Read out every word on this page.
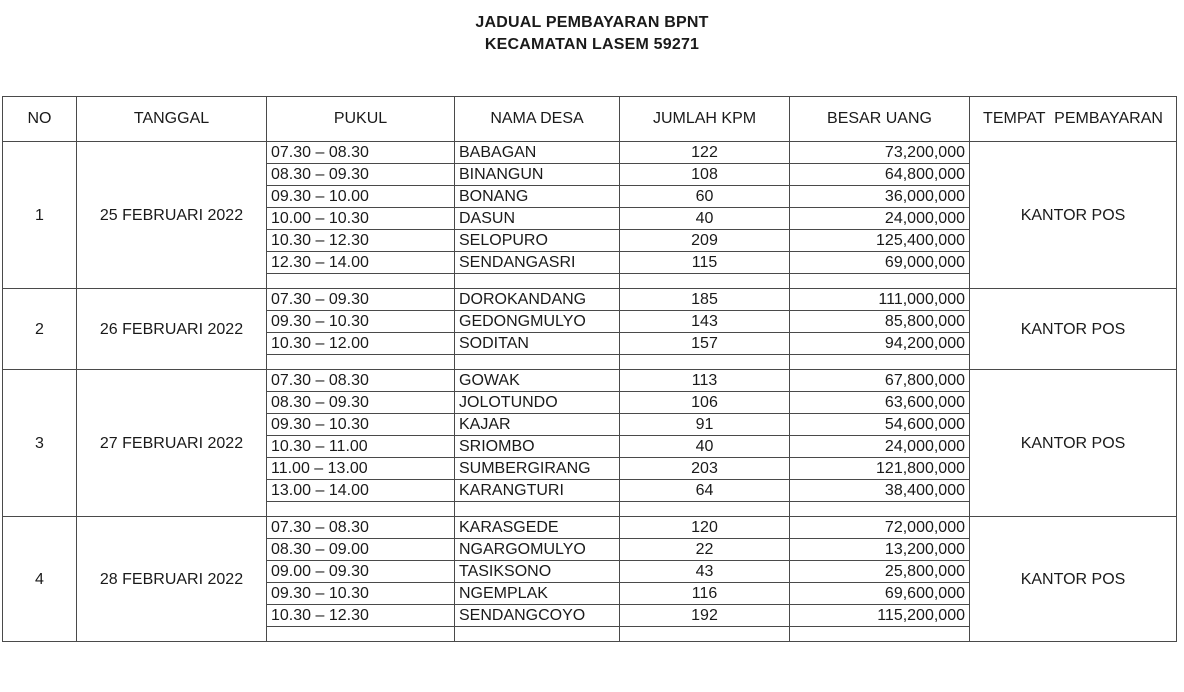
JADUAL PEMBAYARAN BPNT
KECAMATAN LASEM 59271
NO	TANGGAL	PUKUL	NAMA DESA	JUMLAH KPM	BESAR UANG	TEMPAT  PEMBAYARAN
1	25 FEBRUARI 2022	07.30 – 08.30	BABAGAN	122	73,200,000	KANTOR POS
		08.30 – 09.30	BINANGUN	108	64,800,000	
		09.30 – 10.00	BONANG	60	36,000,000	
		10.00 – 10.30	DASUN	40	24,000,000	
		10.30 – 12.30	SELOPURO	209	125,400,000	
		12.30 – 14.00	SENDANGASRI	115	69,000,000	

2	26 FEBRUARI 2022	07.30 – 09.30	DOROKANDANG	185	111,000,000	KANTOR POS
		09.30 – 10.30	GEDONGMULYO	143	85,800,000	
		10.30 – 12.00	SODITAN	157	94,200,000	

3	27 FEBRUARI 2022	07.30 – 08.30	GOWAK	113	67,800,000	KANTOR POS
		08.30 – 09.30	JOLOTUNDO	106	63,600,000	
		09.30 – 10.30	KAJAR	91	54,600,000	
		10.30 – 11.00	SRIOMBO	40	24,000,000	
		11.00 – 13.00	SUMBERGIRANG	203	121,800,000	
		13.00 – 14.00	KARANGTURI	64	38,400,000	

4	28 FEBRUARI 2022	07.30 – 08.30	KARASGEDE	120	72,000,000	KANTOR POS
		08.30 – 09.00	NGARGOMULYO	22	13,200,000	
		09.00 – 09.30	TASIKSONO	43	25,800,000	
		09.30 – 10.30	NGEMPLAK	116	69,600,000	
		10.30 – 12.30	SENDANGCOYO	192	115,200,000	
